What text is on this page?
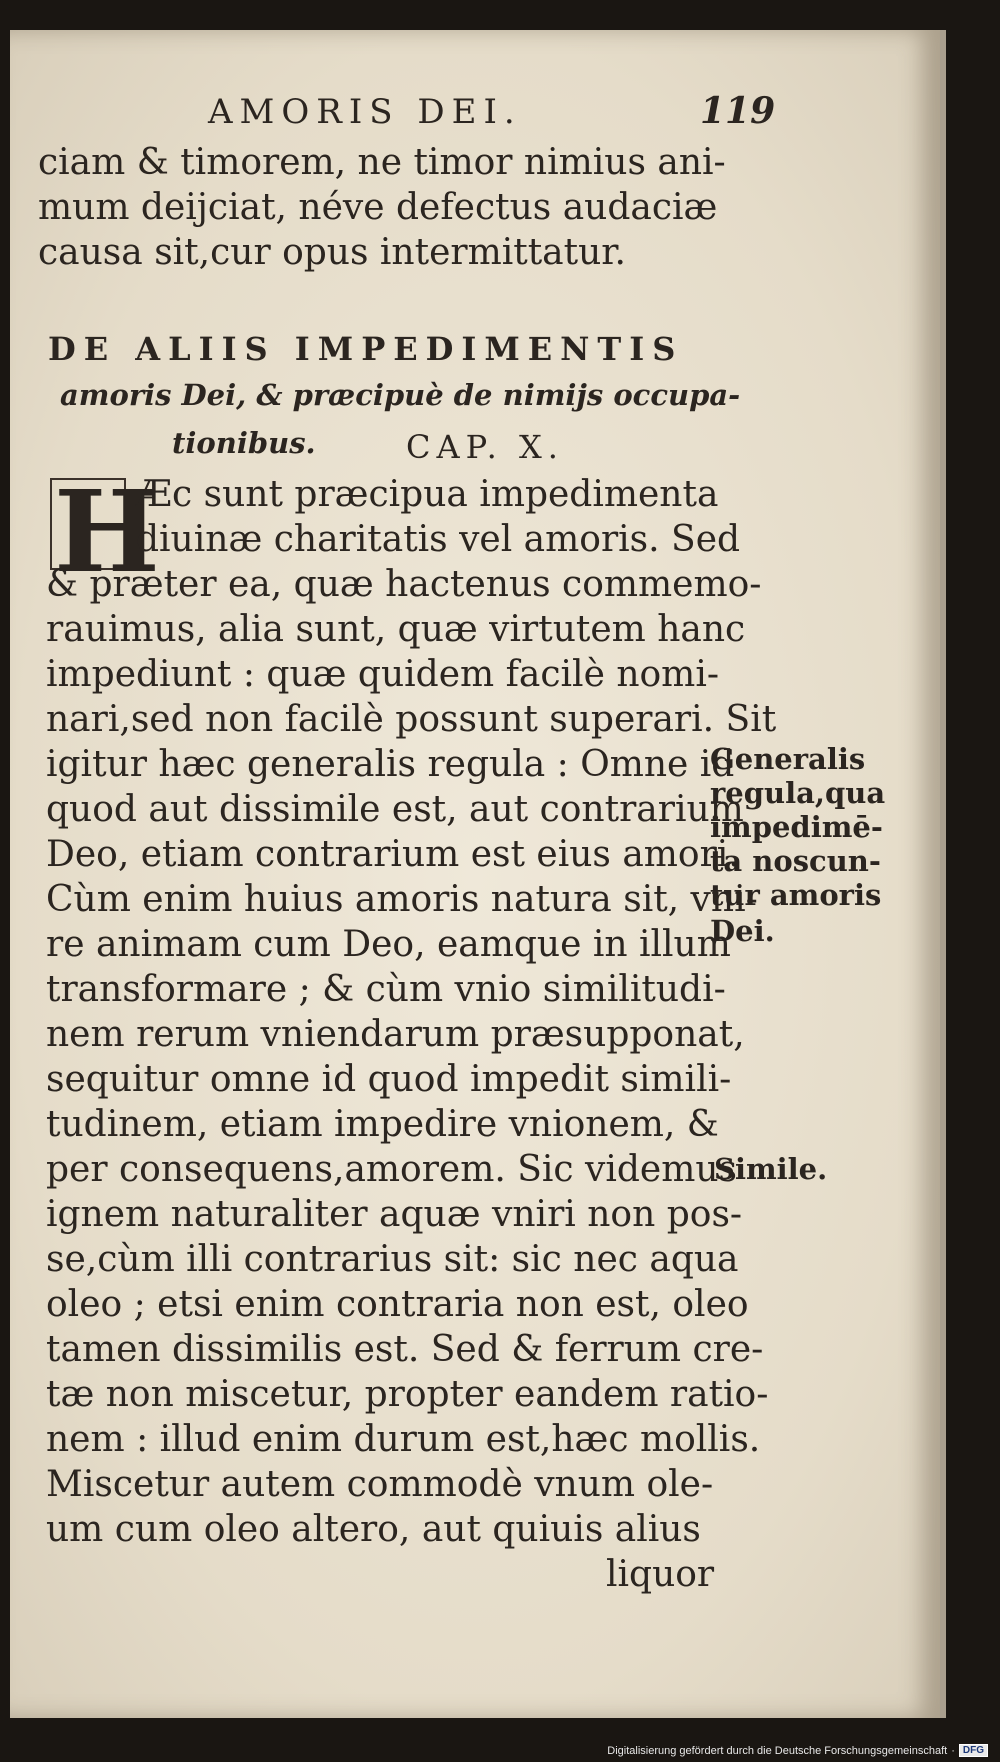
AMORIS DEI.	119
ciam & timorem, ne timor nimius ani-
mum deijciat, néve defectus audaciæ
causa sit,cur opus intermittatur.
DE ALIIS IMPEDIMENTIS
amoris Dei, & præcipuè de nimijs occupa-
tionibus.	CAP. X.
H
Æc sunt præcipua impedimenta
diuinæ charitatis vel amoris. Sed
& præter ea, quæ hactenus commemo-
rauimus, alia sunt, quæ virtutem hanc
impediunt : quæ quidem facilè nomi-
nari,sed non facilè possunt superari. Sit
igitur hæc generalis regula : Omne id
quod aut dissimile est, aut contrarium
Deo, etiam contrarium est eius amori.
Cùm enim huius amoris natura sit, vni-
re animam cum Deo, eamque in illum
transformare ; & cùm vnio similitudi-
nem rerum vniendarum præsupponat,
sequitur omne id quod impedit simili-
tudinem, etiam impedire vnionem, &
per consequens,amorem. Sic videmus
ignem naturaliter aquæ vniri non pos-
se,cùm illi contrarius sit: sic nec aqua
oleo ; etsi enim contraria non est, oleo
tamen dissimilis est. Sed & ferrum cre-
tæ non miscetur, propter eandem ratio-
nem : illud enim durum est,hæc mollis.
Miscetur autem commodè vnum ole-
um cum oleo altero, aut quiuis alius
liquor
Generalis
regula,qua
impedimē-
ta noscun-
tur amoris
Dei.
Simile.
Digitalisierung gefördert durch die Deutsche Forschungsgemeinschaft · DFG
